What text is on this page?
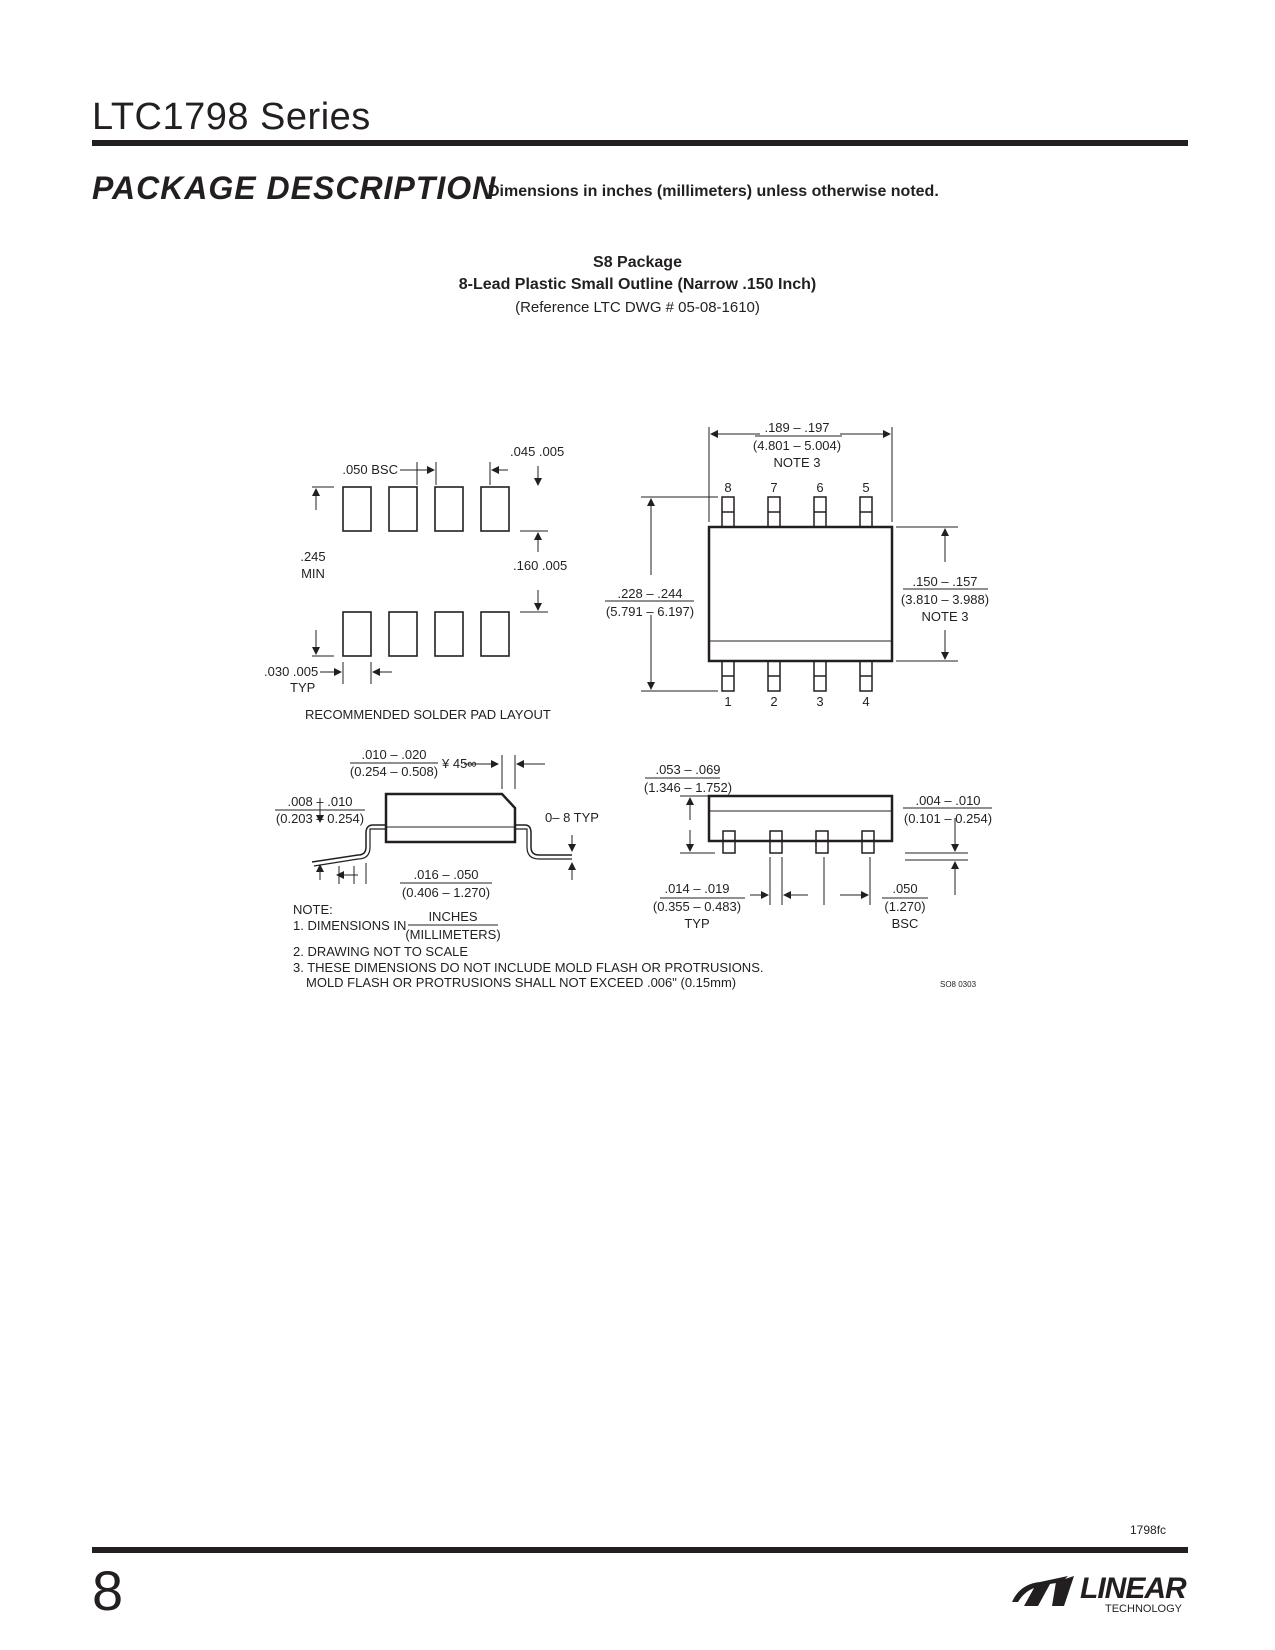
LTC1798 Series
PACKAGE DESCRIPTION
Dimensions in inches (millimeters) unless otherwise noted.
S8 Package
8-Lead Plastic Small Outline (Narrow .150 Inch)
(Reference LTC DWG # 05-08-1610)
.050 BSC
.045 .005
.245
MIN
.160 .005
.030 .005
TYP
RECOMMENDED SOLDER PAD LAYOUT
8	7	6	5
1	2	3	4
.189 – .197
(4.801 – 5.004)
NOTE 3
.228 – .244
(5.791 – 6.197)
.150 – .157
(3.810 – 3.988)
NOTE 3
.010 – .020
(0.254 – 0.508)
¥ 45∞
.008 – .010
(0.203 – 0.254)	0– 8 TYP
.016 – .050
(0.406 – 1.270)
.053 – .069
(1.346 – 1.752)
.004 – .010
(0.101 – 0.254)
.014 – .019
(0.355 – 0.483)
TYP
.050
(1.270)
BSC
NOTE:
1. DIMENSIONS IN
INCHES
(MILLIMETERS)
2. DRAWING NOT TO SCALE
3. THESE DIMENSIONS DO NOT INCLUDE MOLD FLASH OR PROTRUSIONS.
MOLD FLASH OR PROTRUSIONS SHALL NOT EXCEED .006" (0.15mm)	SO8 0303
1798fc
8	LINEAR
TECHNOLOGY
